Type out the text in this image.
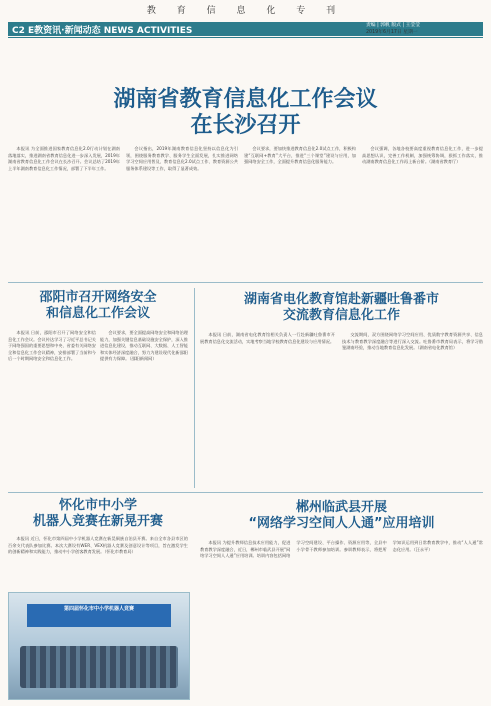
教 育 信 息 化 专 刊
C2 E教资讯·新闻动态 NEWS ACTIVITIES	责编 | 郭帆 版式 | 王莹莹
2019年6月17日 星期一
湖南省教育信息化工作会议
在长沙召开

本报讯 为全面推进国家教育信息化2.0行动计划在湖南落地落实，推进湖南省教育信息化进一步深入发展，2019年湖南省教育信息化工作会议在长沙召开。会议总结了2019年上半年湖南教育信息化工作情况，部署了下半年工作。

会议指出，2019年湖南教育信息化坚持以信息化为引领，围绕服务教育教学、服务学生全面发展，扎实推进网络学习空间应用普及、教育信息化2.0试点工作、教育资源公共服务体系建设等工作，取得了显著成效。

会议要求，要加快推进教育信息化2.0试点工作，积极构建“互联网+教育”大平台，推进“三个课堂”建设与应用，加强网络安全工作，全面提升教育信息化服务能力。

会议强调，各地各校要高度重视教育信息化工作，进一步提高思想认识，完善工作机制，加强统筹协调，狠抓工作落实，推动湖南教育信息化工作再上新台阶。（湖南省教育厅）

邵阳市召开网络安全
和信息化工作会议

本报讯 日前，邵阳市召开了网络安全和信息化工作会议。会议传达学习了习近平总书记关于网络强国的重要思想和中央、省委有关网络安全和信息化工作会议精神，安排部署了当前和今后一个时期网络安全和信息化工作。

会议要求，要全面提高网络安全和网络治理能力，加强关键信息基础设施安全保护，深入推进信息化建设，推动互联网、大数据、人工智能和实体经济深度融合，努力为建设现代化新邵阳提供有力保障。（邵阳新闻网）

湖南省电化教育馆赴新疆吐鲁番市
交流教育信息化工作

本报讯 日前，湖南省电化教育馆相关负责人一行赴新疆吐鲁番市开展教育信息化交流活动，实地考察当地学校教育信息化建设与应用情况。

交流期间，双方围绕网络学习空间应用、优质数字教育资源共享、信息技术与教育教学深度融合等进行深入交流。吐鲁番市教育局表示，将学习借鉴湖南经验，推动当地教育信息化发展。（湖南省电化教育馆）

怀化市中小学
机器人竞赛在新晃开赛

本报讯 近日，怀化市第四届中小学机器人竞赛在新晃侗族自治县开赛。来自全市各县市区的百余支代表队参加比赛。本次大赛设有WER、VEX机器人竞赛及创意设计等项目，旨在激发学生的创新精神和实践能力，推动中小学创客教育发展。（怀化市教育局）

第四届怀化市中小学机器人竞赛
郴州临武县开展
“网络学习空间人人通”应用培训

本报讯 为提升教师信息技术应用能力，促进教育教学深度融合，近日，郴州市临武县开展“网络学习空间人人通”应用培训。培训内容包括网络学习空间建设、平台操作、资源应用等，全县中小学骨干教师参加培训。参训教师表示，将把所学知识运用到日常教育教学中，推动“人人通”常态化应用。（汪永平）
